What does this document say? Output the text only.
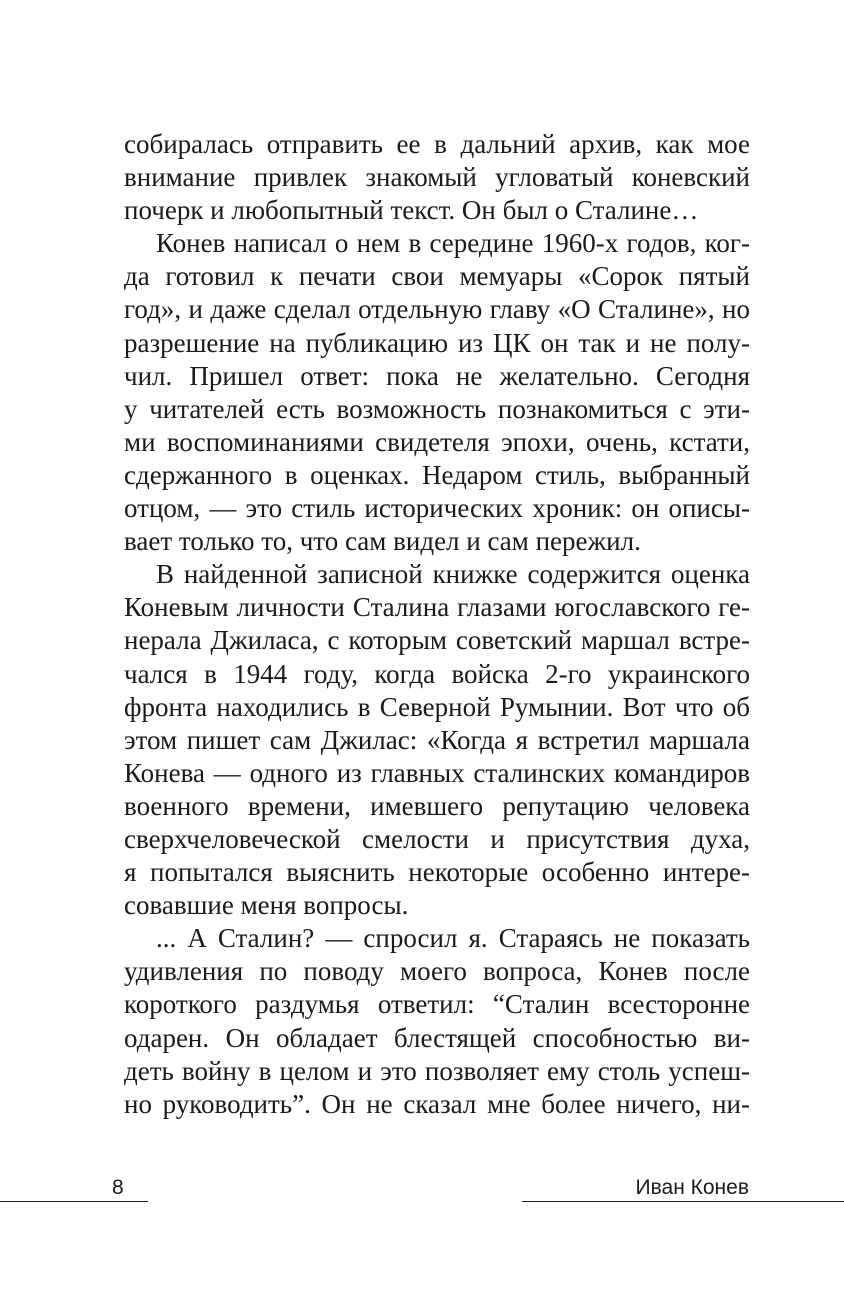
собиралась отправить ее в дальний архив, как мое
внимание привлек знакомый угловатый коневский
почерк и любопытный текст. Он был о Сталине…
Конев написал о нем в середине 1960-х годов, ког-
да готовил к печати свои мемуары «Сорок пятый
год», и даже сделал отдельную главу «О Сталине», но
разрешение на публикацию из ЦК он так и не полу-
чил. Пришел ответ: пока не желательно. Сегодня
у читателей есть возможность познакомиться с эти-
ми воспоминаниями свидетеля эпохи, очень, кстати,
сдержанного в оценках. Недаром стиль, выбранный
отцом, — это стиль исторических хроник: он описы-
вает только то, что сам видел и сам пережил.
В найденной записной книжке содержится оценка
Коневым личности Сталина глазами югославского ге-
нерала Джиласа, с которым советский маршал встре-
чался в 1944 году, когда войска 2-го украинского
фронта находились в Северной Румынии. Вот что об
этом пишет сам Джилас: «Когда я встретил маршала
Конева — одного из главных сталинских командиров
военного времени, имевшего репутацию человека
сверхчеловеческой смелости и присутствия духа,
я попытался выяснить некоторые особенно интере-
совавшие меня вопросы.
... А Сталин? — спросил я. Стараясь не показать
удивления по поводу моего вопроса, Конев после
короткого раздумья ответил: “Сталин всесторонне
одарен. Он обладает блестящей способностью ви-
деть войну в целом и это позволяет ему столь успеш-
но руководить”. Он не сказал мне более ничего, ни-
8	Иван Конев
